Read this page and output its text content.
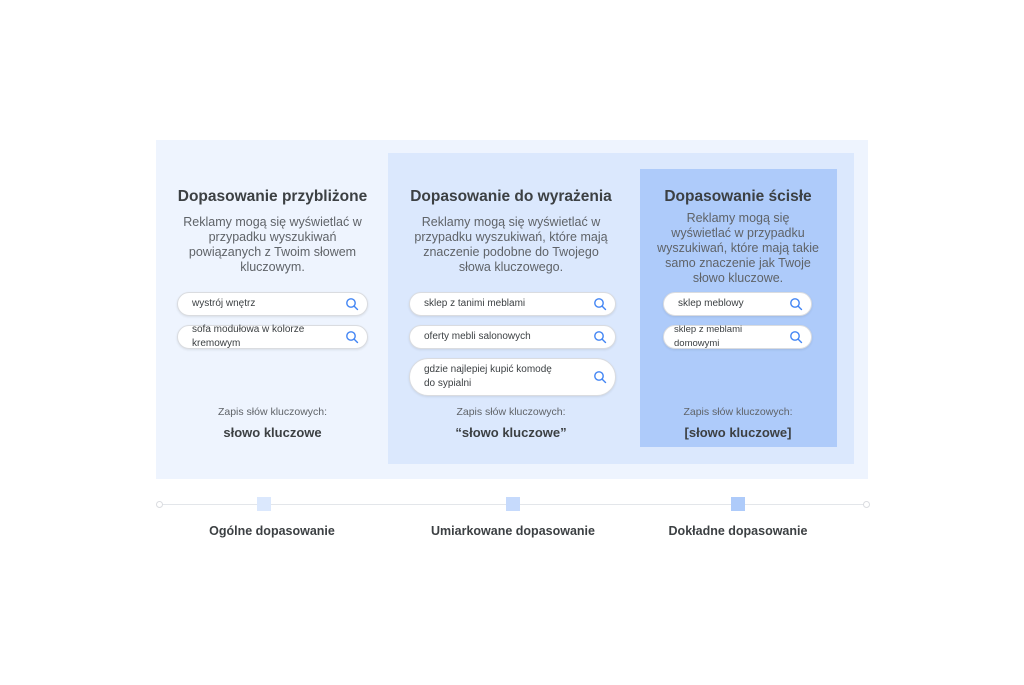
Dopasowanie przybliżone
Reklamy mogą się wyświetlać w przypadku wyszukiwań powiązanych z Twoim słowem kluczowym.
wystrój wnętrz
sofa modułowa w kolorze kremowym
Zapis słów kluczowych:
słowo kluczowe
Dopasowanie do wyrażenia
Reklamy mogą się wyświetlać w przypadku wyszukiwań, które mają znaczenie podobne do Twojego słowa kluczowego.
sklep z tanimi meblami
oferty mebli salonowych
gdzie najlepiej kupić komodę do sypialni
Zapis słów kluczowych:
“słowo kluczowe”
Dopasowanie ścisłe
Reklamy mogą się wyświetlać w przypadku wyszukiwań, które mają takie samo znaczenie jak Twoje słowo kluczowe.
sklep meblowy
sklep z meblami domowymi
Zapis słów kluczowych:
[słowo kluczowe]
Ogólne dopasowanie	Umiarkowane dopasowanie	Dokładne dopasowanie
